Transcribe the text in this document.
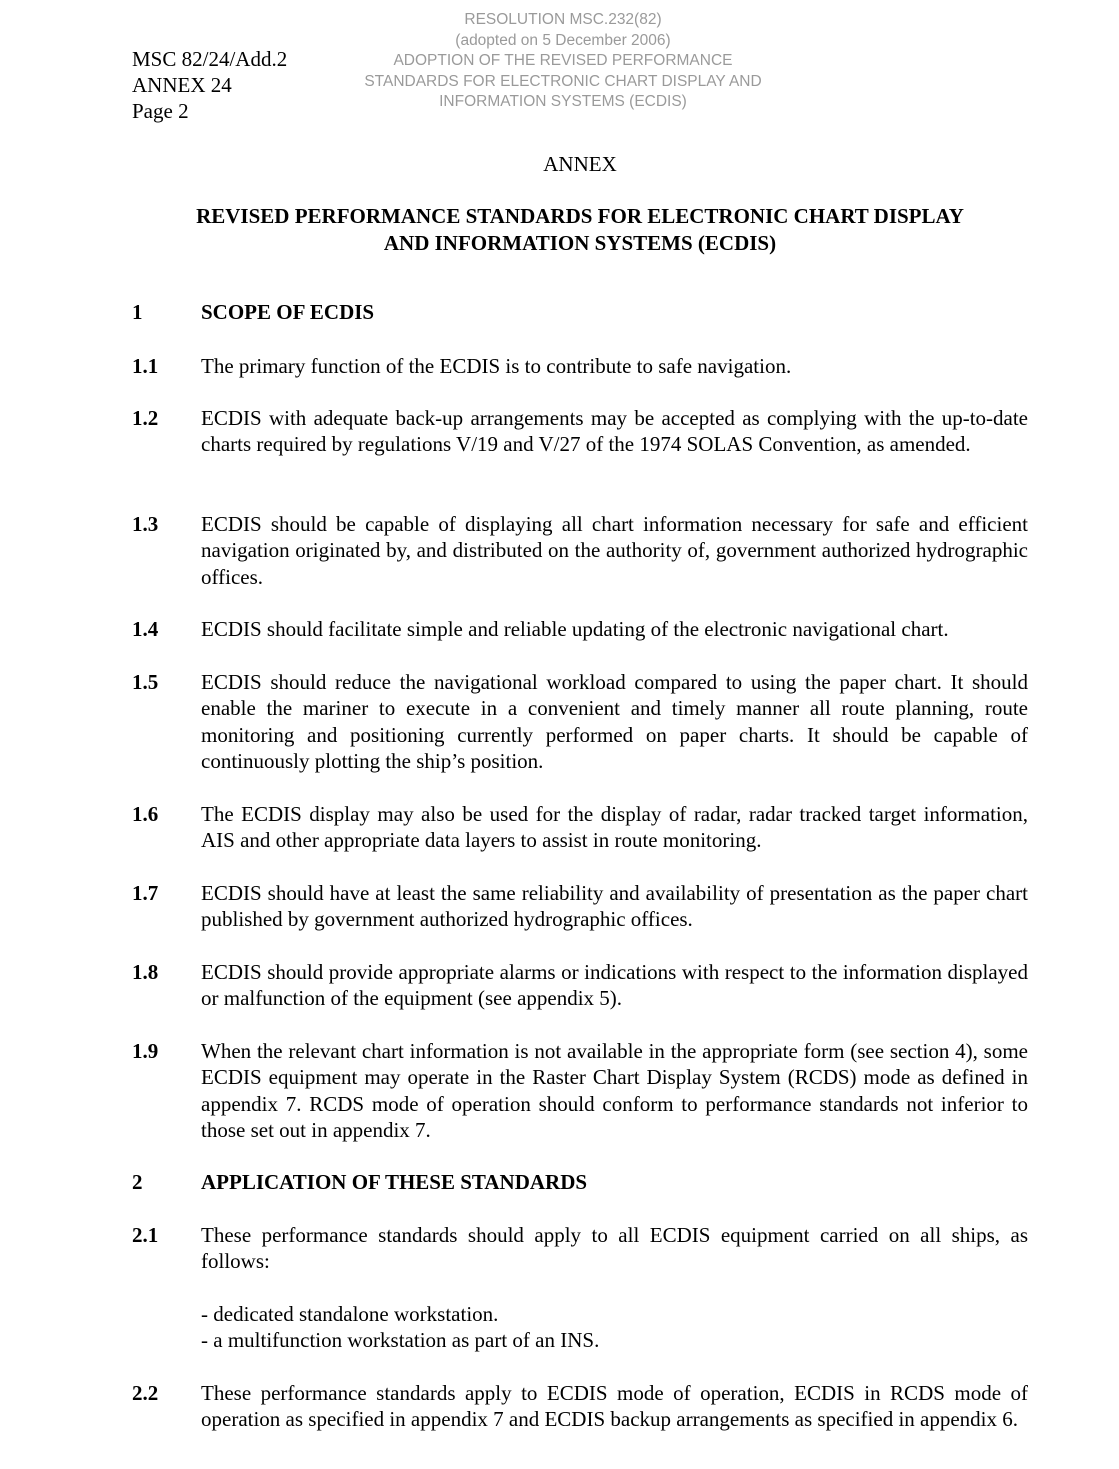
MSC 82/24/Add.2
ANNEX 24
Page 2
RESOLUTION MSC.232(82)
(adopted on 5 December 2006)
ADOPTION OF THE REVISED PERFORMANCE
STANDARDS FOR ELECTRONIC CHART DISPLAY AND
INFORMATION SYSTEMS (ECDIS)
ANNEX
REVISED PERFORMANCE STANDARDS FOR ELECTRONIC CHART DISPLAY
AND INFORMATION SYSTEMS (ECDIS)
1	SCOPE OF ECDIS
1.1 The primary function of the ECDIS is to contribute to safe navigation.
1.2 ECDIS with adequate back-up arrangements may be accepted as complying with the up-to-date charts required by regulations V/19 and V/27 of the 1974 SOLAS Convention, as amended.
1.3 ECDIS should be capable of displaying all chart information necessary for safe and efficient navigation originated by, and distributed on the authority of, government authorized hydrographic offices.
1.4 ECDIS should facilitate simple and reliable updating of the electronic navigational chart.
1.5 ECDIS should reduce the navigational workload compared to using the paper chart. It should enable the mariner to execute in a convenient and timely manner all route planning, route monitoring and positioning currently performed on paper charts. It should be capable of continuously plotting the ship’s position.
1.6 The ECDIS display may also be used for the display of radar, radar tracked target information, AIS and other appropriate data layers to assist in route monitoring.
1.7 ECDIS should have at least the same reliability and availability of presentation as the paper chart published by government authorized hydrographic offices.
1.8 ECDIS should provide appropriate alarms or indications with respect to the information displayed or malfunction of the equipment (see appendix 5).
1.9 When the relevant chart information is not available in the appropriate form (see section 4), some ECDIS equipment may operate in the Raster Chart Display System (RCDS) mode as defined in appendix 7. RCDS mode of operation should conform to performance standards not inferior to those set out in appendix 7.
2	APPLICATION OF THESE STANDARDS
2.1 These performance standards should apply to all ECDIS equipment carried on all ships, as follows:
- dedicated standalone workstation.
- a multifunction workstation as part of an INS.
2.2 These performance standards apply to ECDIS mode of operation, ECDIS in RCDS mode of operation as specified in appendix 7 and ECDIS backup arrangements as specified in appendix 6.
